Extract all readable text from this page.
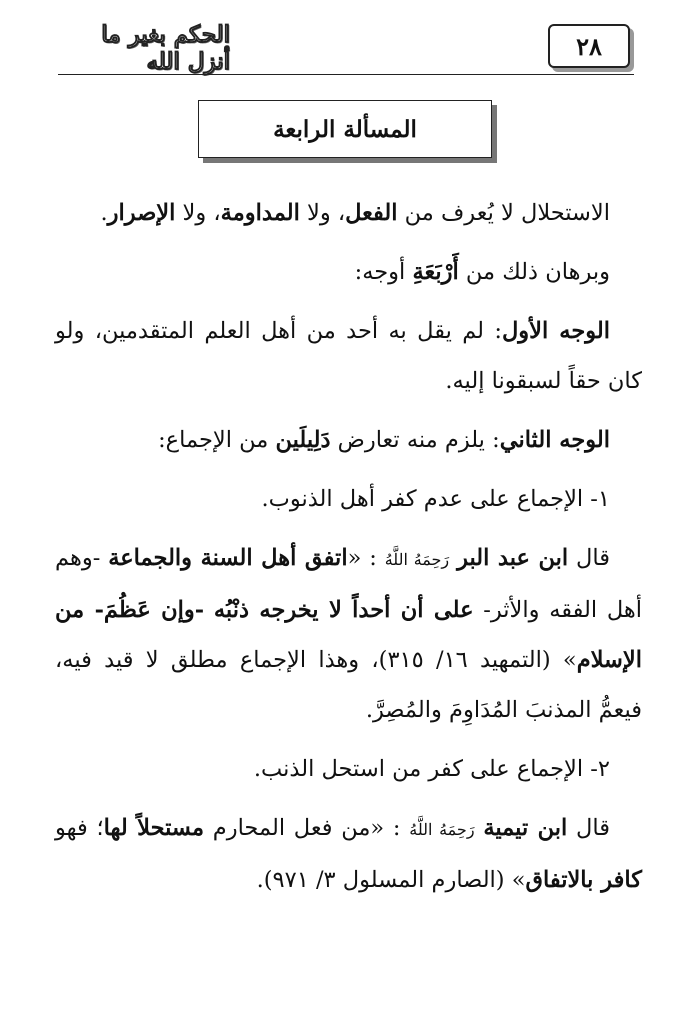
٢٨
الحكم بغير ما أنزل الله
المسألة الرابعة

الاستحلال لا يُعرف من الفعل، ولا المداومة، ولا الإصرار.

وبرهان ذلك من أَرْبَعَةِ أوجه:

الوجه الأول: لم يقل به أحد من أهل العلم المتقدمين، ولو كان حقاً لسبقونا إليه.

الوجه الثاني: يلزم منه تعارض دَلِيلَين من الإجماع:

١- الإجماع على عدم كفر أهل الذنوب.

قال ابن عبد البر رَحِمَهُ اللَّهُ : «اتفق أهل السنة والجماعة -وهم أهل الفقه والأثر- على أن أحداً لا يخرجه ذنْبُه -وإن عَظُمَ- من الإسلام» (التمهيد ١٦/ ٣١٥)، وهذا الإجماع مطلق لا قيد فيه، فيعمُّ المذنبَ المُدَاوِمَ والمُصِرَّ.

٢- الإجماع على كفر من استحل الذنب.

قال ابن تيمية رَحِمَهُ اللَّهُ : «من فعل المحارم مستحلاً لها؛ فهو كافر بالاتفاق» (الصارم المسلول ٣/ ٩٧١).
